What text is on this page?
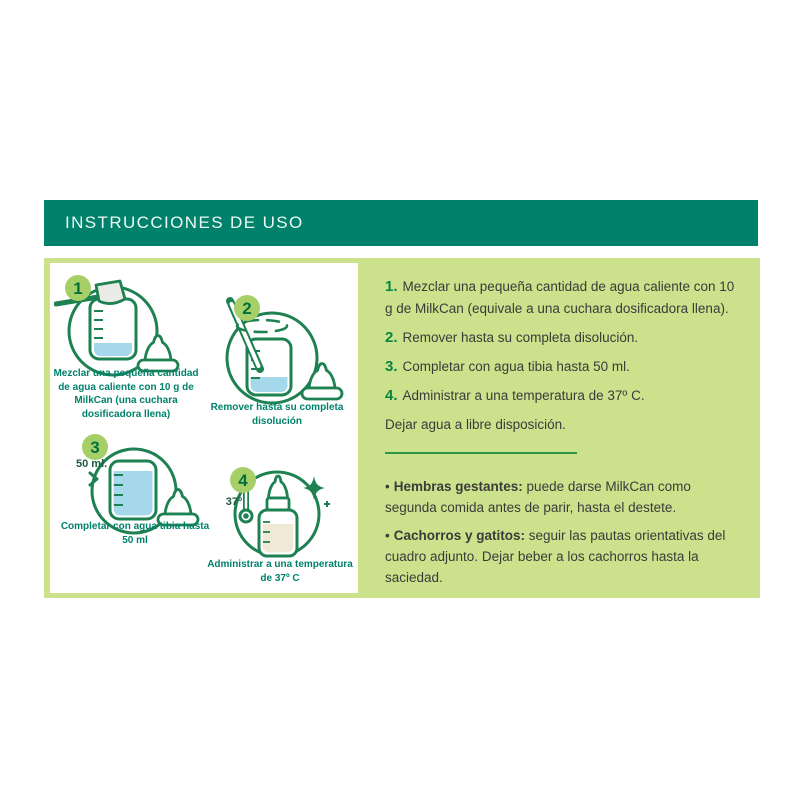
INSTRUCCIONES DE USO
1
Mezclar una pequeña cantidad de agua caliente con 10 g de MilkCan (una cuchara dosificadora llena)
2
Remover hasta su completa disolución
3
50 ml.
Completar con agua tibia hasta 50 ml
4
37º
Administrar a una temperatura de 37º C

1. Mezclar una pequeña cantidad de agua caliente con 10 g de MilkCan (equivale a una cuchara dosificadora llena).

2. Remover hasta su completa disolución.

3. Completar con agua tibia hasta 50 ml.

4. Administrar a una temperatura de 37º C.

Dejar agua a libre disposición.

• Hembras gestantes: puede darse MilkCan como segunda comida antes de parir, hasta el destete.

• Cachorros y gatitos: seguir las pautas orientativas del cuadro adjunto. Dejar beber a los cachorros hasta la saciedad.
